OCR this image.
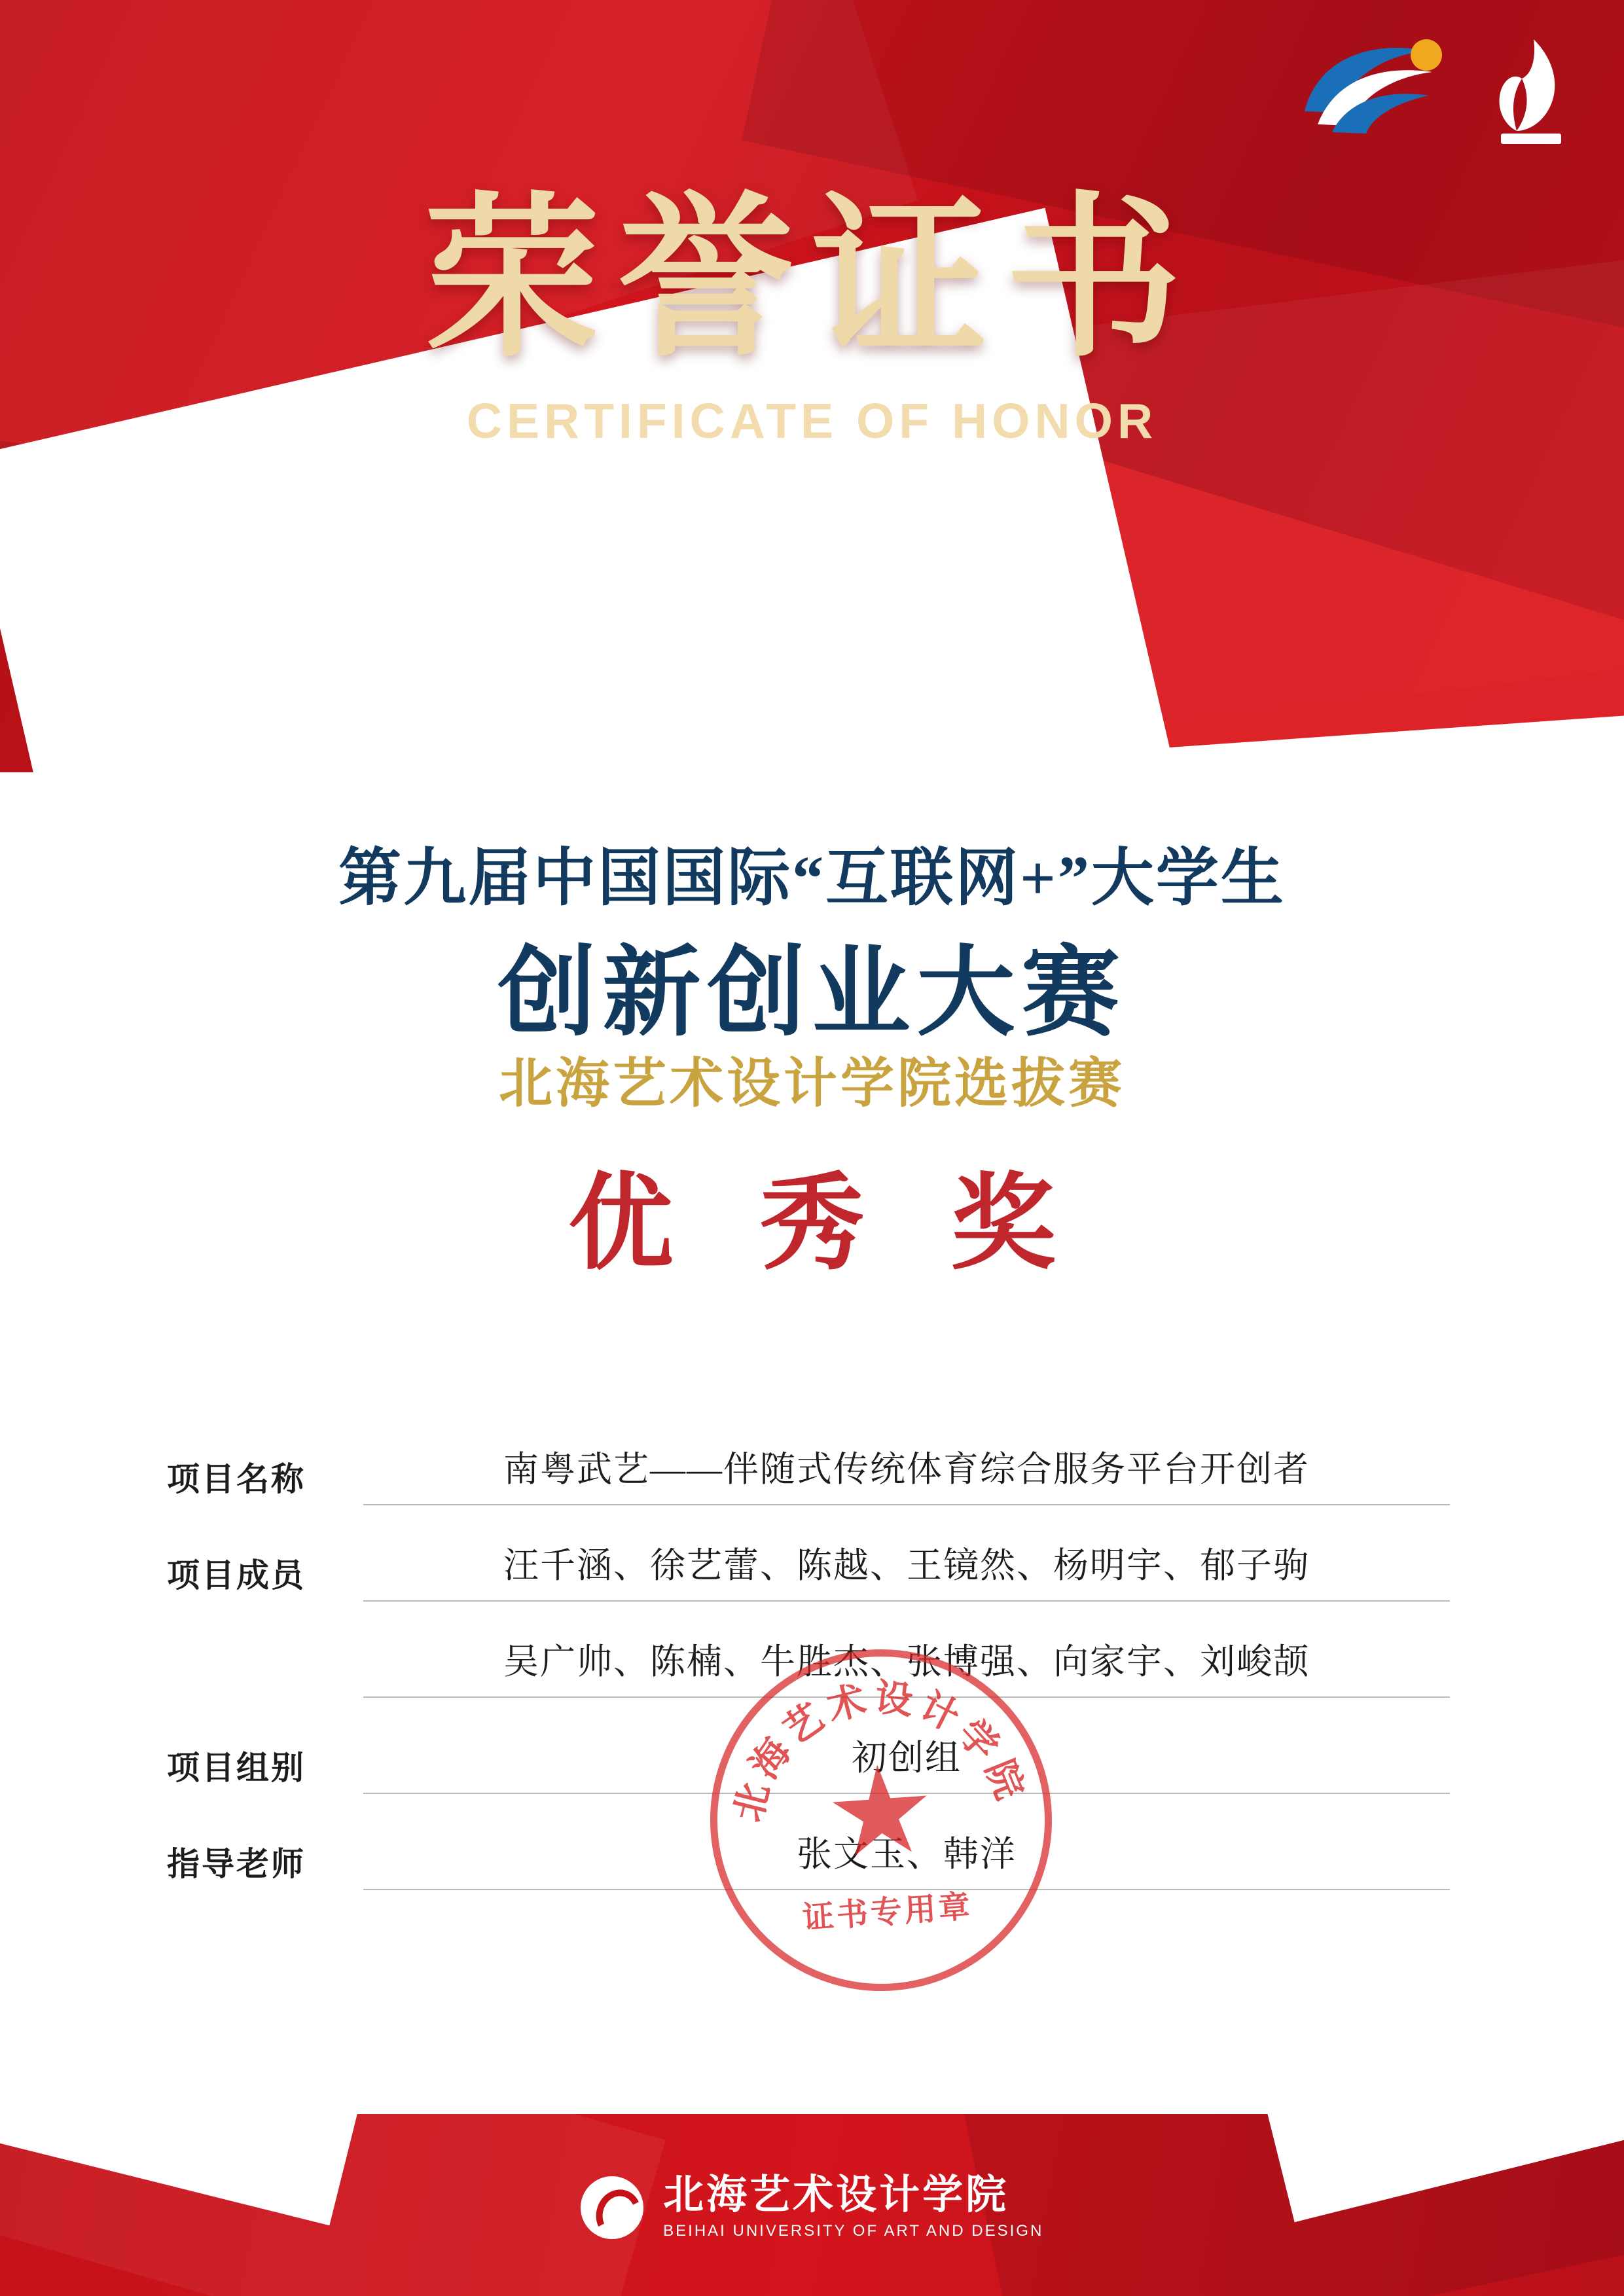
荣誉证书
CERTIFICATE OF HONOR
第九届中国国际“互联网+”大学生
创新创业大赛
北海艺术设计学院选拔赛
优 秀 奖
项目名称	南粤武艺——伴随式传统体育综合服务平台开创者
项目成员	汪千涵、徐艺蕾、陈越、王镜然、杨明宇、郁子驹
吴广帅、陈楠、牛胜杰、张博强、向家宇、刘峻颉
项目组别	初创组
指导老师	张文玉、韩洋
北海艺术设计学院
证书专用章

北海艺术设计学院
BEIHAI UNIVERSITY OF ART AND DESIGN
